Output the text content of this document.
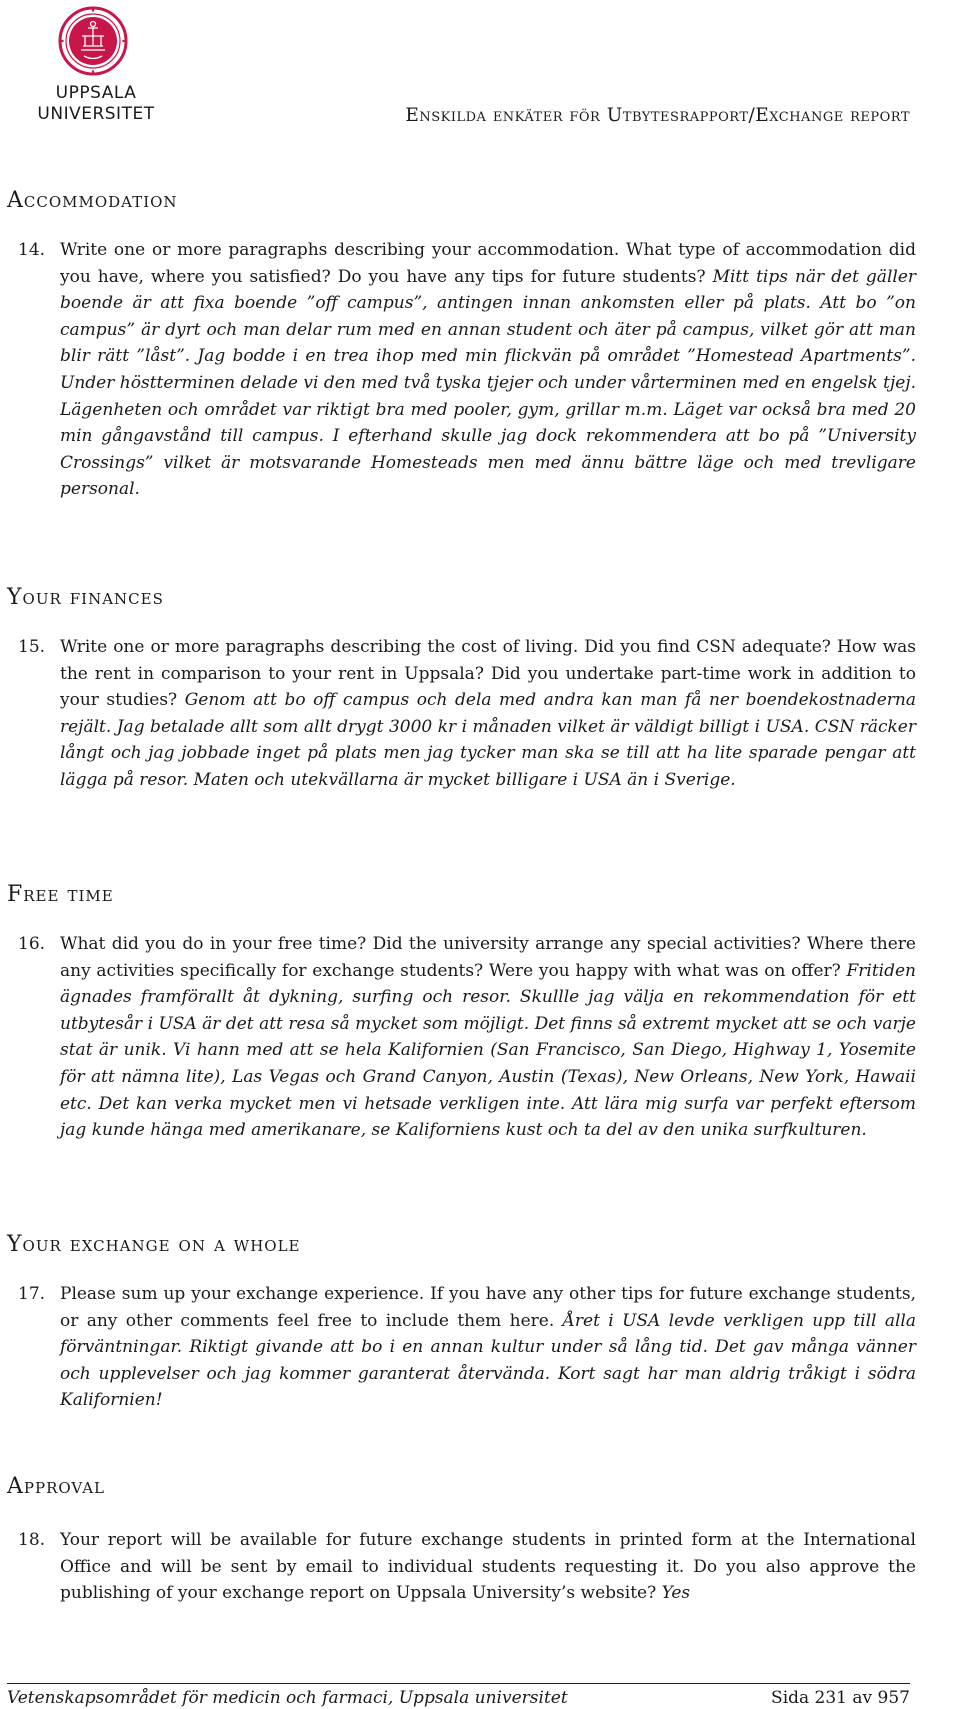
UPPSALA
UNIVERSITET	Enskilda enkäter för Utbytesrapport/Exchange report
Accommodation
14. Write one or more paragraphs describing your accommodation. What type of accommodation did you have, where you satisfied? Do you have any tips for future students? Mitt tips när det gäller boende är att fixa boende ”off campus”, antingen innan ankomsten eller på plats. Att bo ”on campus” är dyrt och man delar rum med en annan student och äter på campus, vilket gör att man blir rätt ”låst”. Jag bodde i en trea ihop med min flickvän på området ”Homestead Apartments”. Under höstterminen delade vi den med två tyska tjejer och under vårterminen med en engelsk tjej. Lägenheten och området var riktigt bra med pooler, gym, grillar m.m. Läget var också bra med 20 min gångavstånd till campus. I efterhand skulle jag dock rekommendera att bo på ”University Crossings” vilket är motsvarande Homesteads men med ännu bättre läge och med trevligare personal.
Your finances
15. Write one or more paragraphs describing the cost of living. Did you find CSN adequate? How was the rent in comparison to your rent in Uppsala? Did you undertake part-time work in addition to your studies? Genom att bo off campus och dela med andra kan man få ner boendekostnaderna rejält. Jag betalade allt som allt drygt 3000 kr i månaden vilket är väldigt billigt i USA. CSN räcker långt och jag jobbade inget på plats men jag tycker man ska se till att ha lite sparade pengar att lägga på resor. Maten och utekvällarna är mycket billigare i USA än i Sverige.
Free time
16. What did you do in your free time? Did the university arrange any special activities? Where there any activities specifically for exchange students? Were you happy with what was on offer? Fritiden ägnades framförallt åt dykning, surfing och resor. Skullle jag välja en rekommendation för ett utbytesår i USA är det att resa så mycket som möjligt. Det finns så extremt mycket att se och varje stat är unik. Vi hann med att se hela Kalifornien (San Francisco, San Diego, Highway 1, Yosemite för att nämna lite), Las Vegas och Grand Canyon, Austin (Texas), New Orleans, New York, Hawaii etc. Det kan verka mycket men vi hetsade verkligen inte. Att lära mig surfa var perfekt eftersom jag kunde hänga med amerikanare, se Kaliforniens kust och ta del av den unika surfkulturen.
Your exchange on a whole
17. Please sum up your exchange experience. If you have any other tips for future exchange students, or any other comments feel free to include them here. Året i USA levde verkligen upp till alla förväntningar. Riktigt givande att bo i en annan kultur under så lång tid. Det gav många vänner och upplevelser och jag kommer garanterat återvända. Kort sagt har man aldrig tråkigt i södra Kalifornien!
Approval
18. Your report will be available for future exchange students in printed form at the International Office and will be sent by email to individual students requesting it. Do you also approve the publishing of your exchange report on Uppsala University’s website? Yes
Vetenskapsområdet för medicin och farmaci, Uppsala universitet	Sida 231 av 957
